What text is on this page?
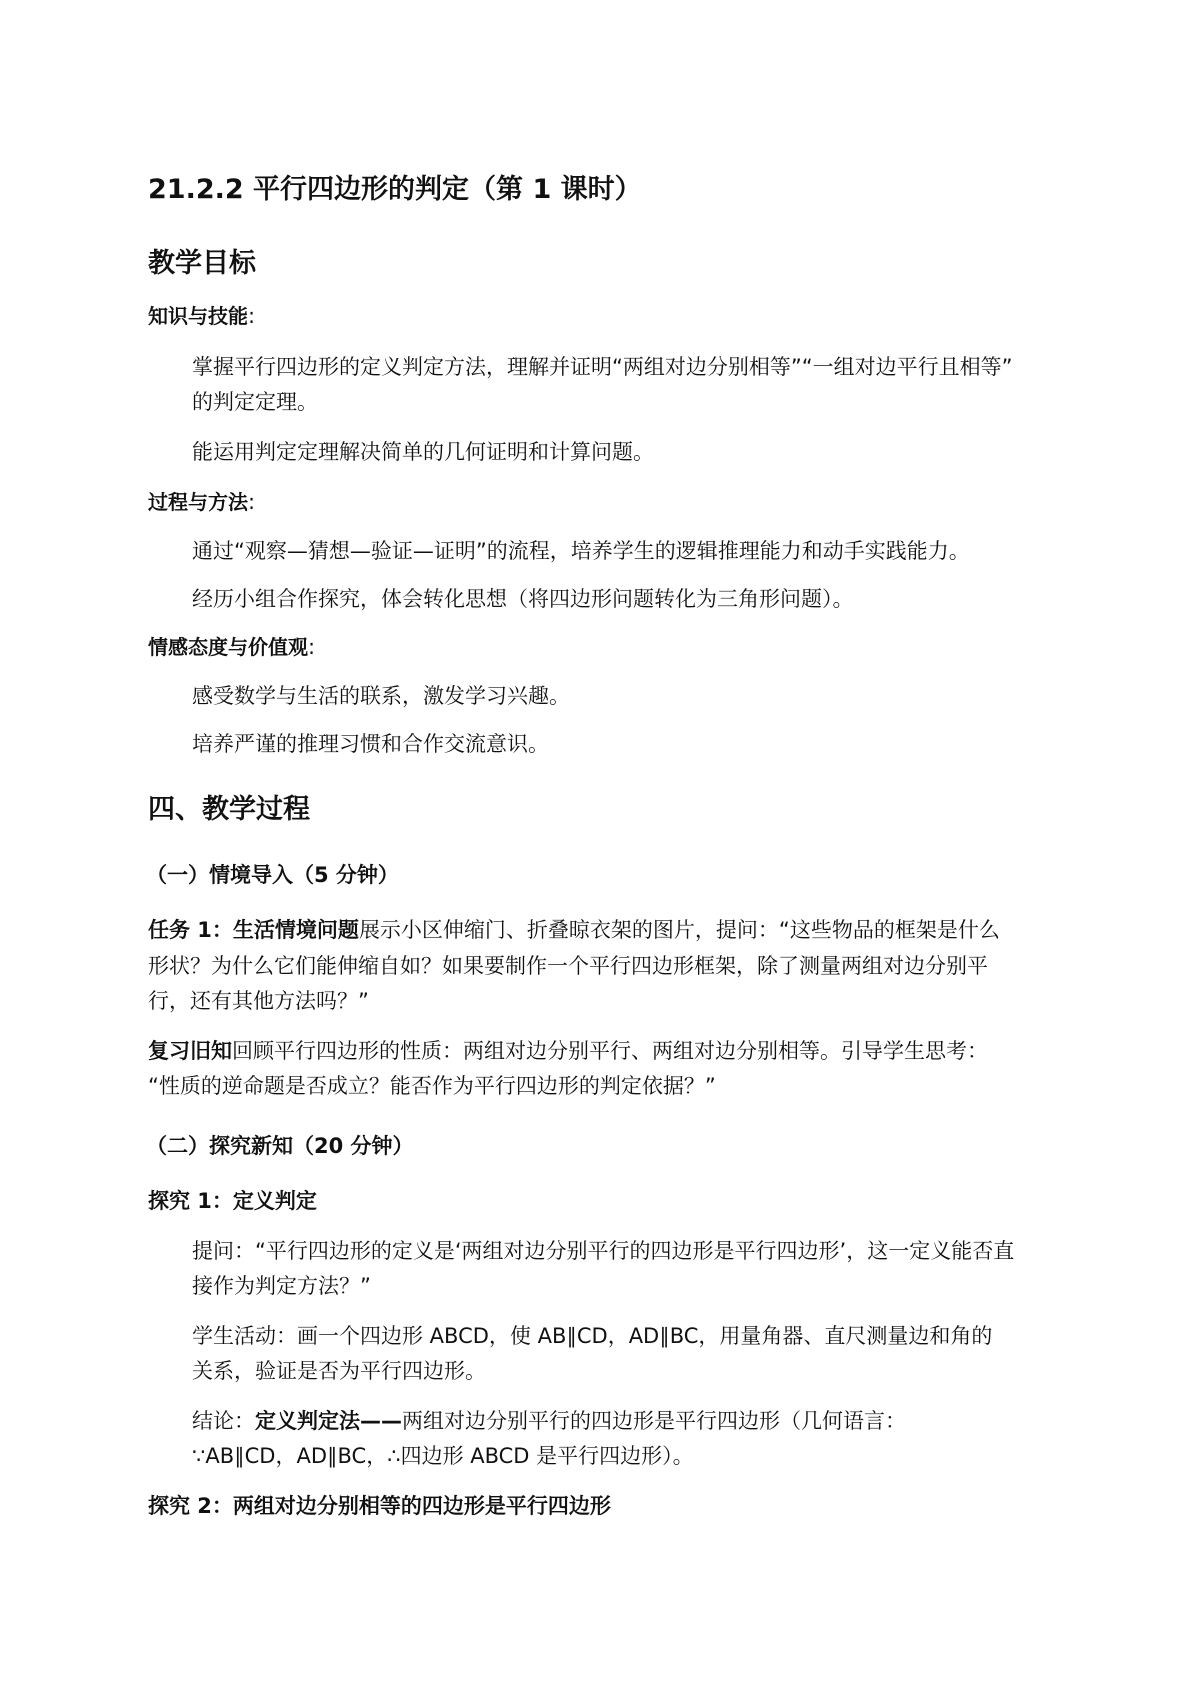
21.2.2 平行四边形的判定（第 1 课时）
教学目标
知识与技能:
掌握平行四边形的定义判定方法，理解并证明“两组对边分别相等”“一组对边平行且相等”
的判定定理。
能运用判定定理解决简单的几何证明和计算问题。
过程与方法:
通过“观察—猜想—验证—证明”的流程，培养学生的逻辑推理能力和动手实践能力。
经历小组合作探究，体会转化思想（将四边形问题转化为三角形问题）。
情感态度与价值观:
感受数学与生活的联系，激发学习兴趣。
培养严谨的推理习惯和合作交流意识。
四、教学过程
（一）情境导入（5 分钟）
任务 1：生活情境问题展示小区伸缩门、折叠晾衣架的图片，提问：“这些物品的框架是什么
形状？为什么它们能伸缩自如？如果要制作一个平行四边形框架，除了测量两组对边分别平
行，还有其他方法吗？”
复习旧知回顾平行四边形的性质：两组对边分别平行、两组对边分别相等。引导学生思考：
“性质的逆命题是否成立？能否作为平行四边形的判定依据？”
（二）探究新知（20 分钟）
探究 1：定义判定
提问：“平行四边形的定义是‘两组对边分别平行的四边形是平行四边形’，这一定义能否直
接作为判定方法？”
学生活动：画一个四边形 ABCD，使 AB∥CD，AD∥BC，用量角器、直尺测量边和角的
关系，验证是否为平行四边形。
结论：定义判定法——两组对边分别平行的四边形是平行四边形（几何语言：
∵AB∥CD，AD∥BC，∴四边形 ABCD 是平行四边形）。
探究 2：两组对边分别相等的四边形是平行四边形
